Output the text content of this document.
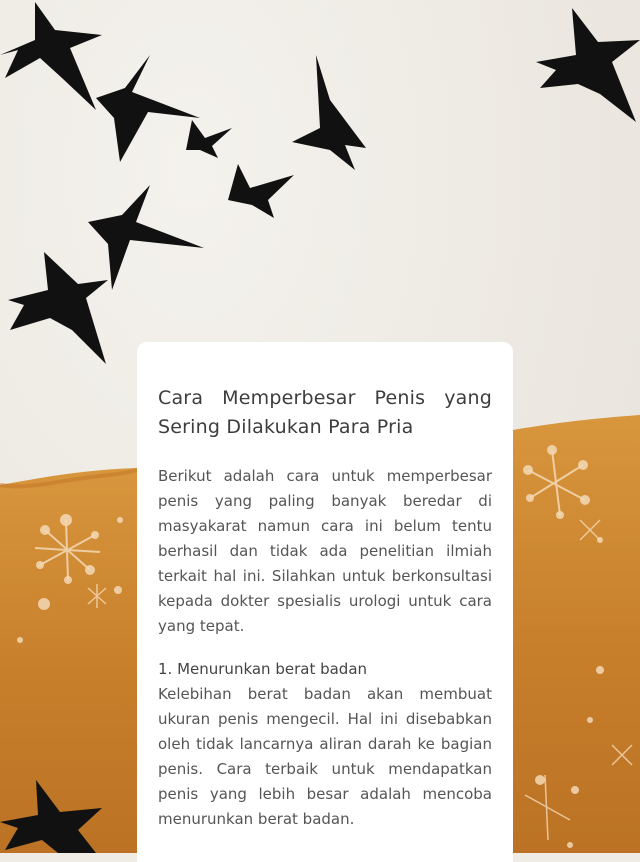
Cara Memperbesar Penis yang Sering Dilakukan Para Pria

Berikut adalah cara untuk memperbesar penis yang paling banyak beredar di masyakarat namun cara ini belum tentu berhasil dan tidak ada penelitian ilmiah terkait hal ini. Silahkan untuk berkonsultasi kepada dokter spesialis urologi untuk cara yang tepat.

1. Menurunkan berat badan

Kelebihan berat badan akan membuat ukuran penis mengecil. Hal ini disebabkan oleh tidak lancarnya aliran darah ke bagian penis. Cara terbaik untuk mendapatkan penis yang lebih besar adalah mencoba menurunkan berat badan.
